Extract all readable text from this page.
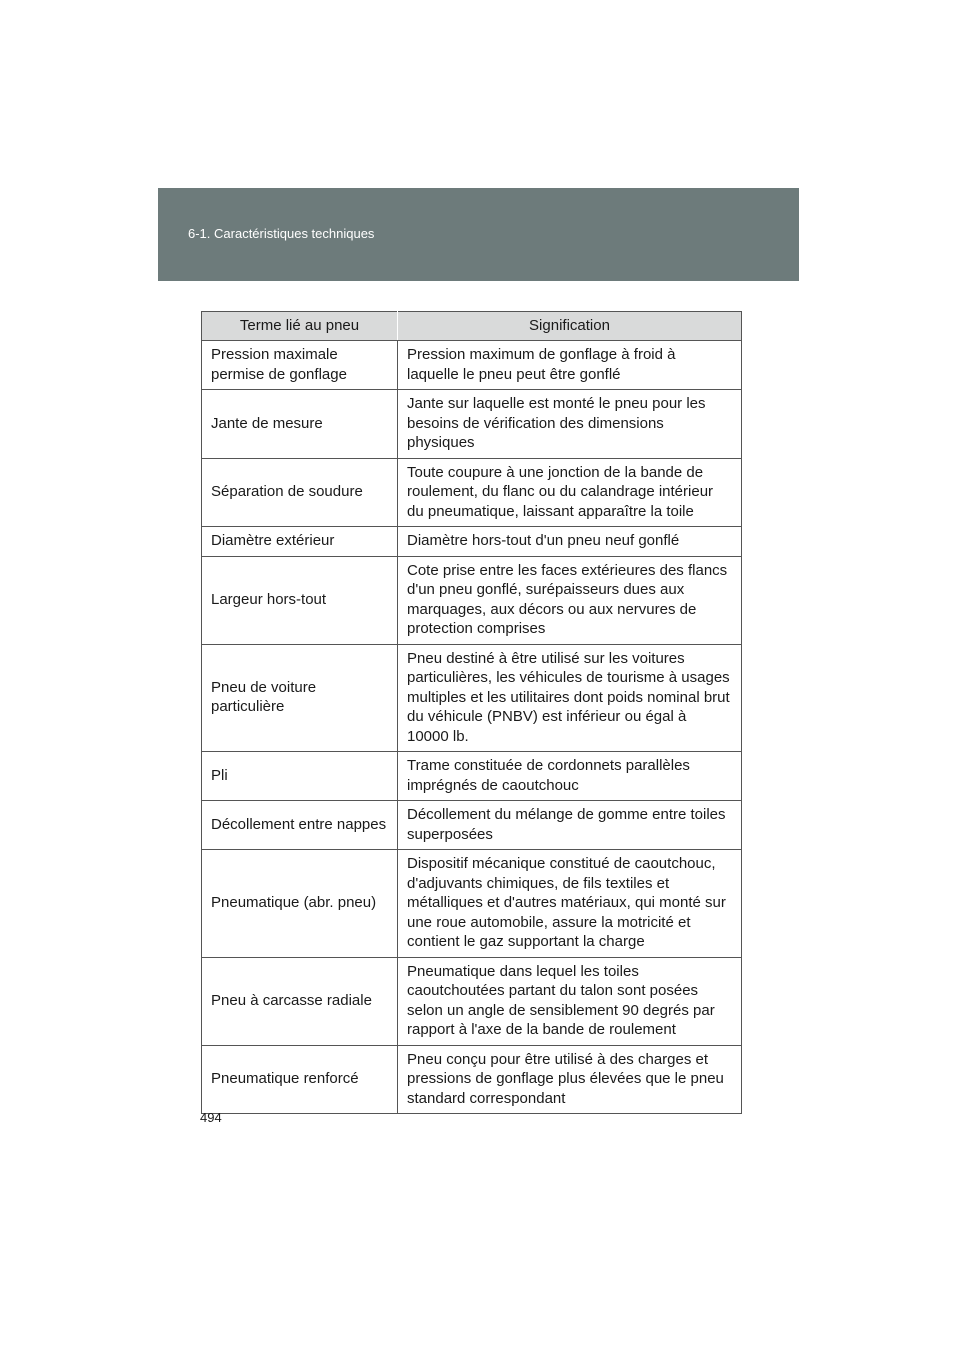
6-1. Caractéristiques techniques
Terme lié au pneu	Signification
Pression maximale permise de gonflage	Pression maximum de gonflage à froid à laquelle le pneu peut être gonflé
Jante de mesure	Jante sur laquelle est monté le pneu pour les besoins de vérification des dimensions physiques
Séparation de soudure	Toute coupure à une jonction de la bande de roulement, du flanc ou du calandrage intérieur du pneumatique, laissant apparaître la toile
Diamètre extérieur	Diamètre hors-tout d'un pneu neuf gonflé
Largeur hors-tout	Cote prise entre les faces extérieures des flancs d'un pneu gonflé, surépaisseurs dues aux marquages, aux décors ou aux nervures de protection comprises
Pneu de voiture particulière	Pneu destiné à être utilisé sur les voitures particulières, les véhicules de tourisme à usages multiples et les utilitaires dont poids nominal brut du véhicule (PNBV) est inférieur ou égal à 10000 lb.
Pli	Trame constituée de cordonnets parallèles imprégnés de caoutchouc
Décollement entre nappes	Décollement du mélange de gomme entre toiles superposées
Pneumatique (abr. pneu)	Dispositif mécanique constitué de caoutchouc, d'adjuvants chimiques, de fils textiles et métalliques et d'autres matériaux, qui monté sur une roue automobile, assure la motricité et contient le gaz supportant la charge
Pneu à carcasse radiale	Pneumatique dans lequel les toiles caoutchoutées partant du talon sont posées selon un angle de sensiblement 90 degrés par rapport à l'axe de la bande de roulement
Pneumatique renforcé	Pneu conçu pour être utilisé à des charges et pressions de gonflage plus élevées que le pneu standard correspondant
494
